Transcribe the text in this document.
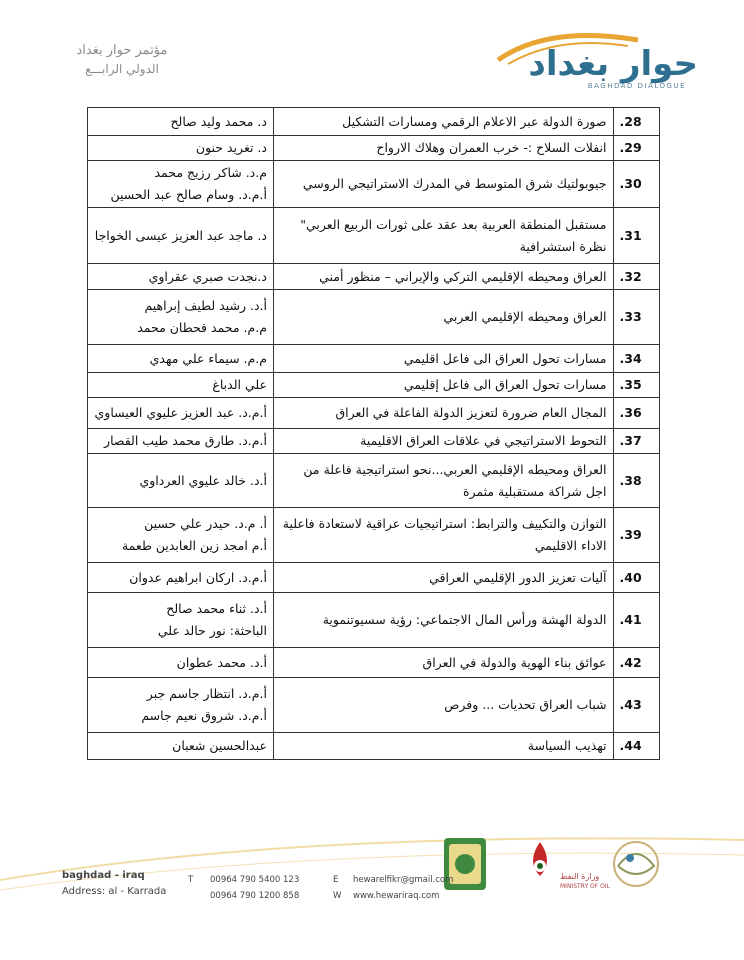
حوار بغداد
BAGHDAD DIALOGUE
مؤتمر حوار بغداد
الدولي الرابـــع
.28	صورة الدولة عبر الاعلام الرقمي ومسارات التشكيل	د. محمد وليد صالح

.29	انفلات السلاح :- خرب العمران وهلاك الارواح	د. تغريد حنون

.30	جيوبولتيك شرق المتوسط في المدرك الاستراتيجي الروسي	م.د. شاكر رزيج محمد
أ.م.د. وسام صالح عبد الحسين

.31	مستقبل المنطقة العربية بعد عقد على ثورات الربيع العربي" نظرة استشرافية	د. ماجد عبد العزيز عيسى الخواجا

.32	العراق ومحيطه الإقليمي التركي والإيراني – منظور أمني	د.نجدت صبري عقراوي

.33	العراق ومحيطه الإقليمي العربي	أ.د. رشيد لطيف إبراهيم
م.م. محمد قحطان محمد

.34	مسارات تحول العراق الى فاعل اقليمي	م.م. سيماء علي مهدي

.35	مسارات تحول العراق الى فاعل إقليمي	علي الدباغ

.36	المجال العام ضرورة لتعزيز الدولة الفاعلة في العراق	أ.م.د. عبد العزيز عليوي العيساوي

.37	التحوط الاستراتيجي في علاقات العراق الاقليمية	أ.م.د. طارق محمد طيب القصار

.38	العراق ومحيطه الإقليمي العربي...نحو استراتيجية فاعلة من اجل شراكة مستقبلية مثمرة	أ.د. خالد عليوي العرداوي

.39	التوازن والتكييف والترابط: استراتيجيات عراقية لاستعادة فاعلية الاداء الاقليمي	أ. م.د. حيدر علي حسين
أ.م امجد زين العابدين طعمة

.40	آليات تعزيز الدور الإقليمي العراقي	أ.م.د. اركان ابراهيم عدوان

.41	الدولة الهشة ورأس المال الاجتماعي: رؤية سسيوتنموية	أ.د. ثناء محمد صالح
الباحثة: نور حالد علي

.42	عوائق بناء الهوية والدولة في العراق	أ.د. محمد عطوان

.43	شباب العراق تحديات ... وفرص	أ.م.د. انتظار جاسم جبر
أ.م.د. شروق نعيم جاسم

.44	تهذيب السياسة	عبدالحسين شعبان
وزارة النفط
MINISTRY OF OIL
baghdad - iraq
Address: al - Karrada
T 00964 790 5400 123
00964 790 1200 858
E
W
hewarelfikr@gmail.com
www.hewariraq.com
